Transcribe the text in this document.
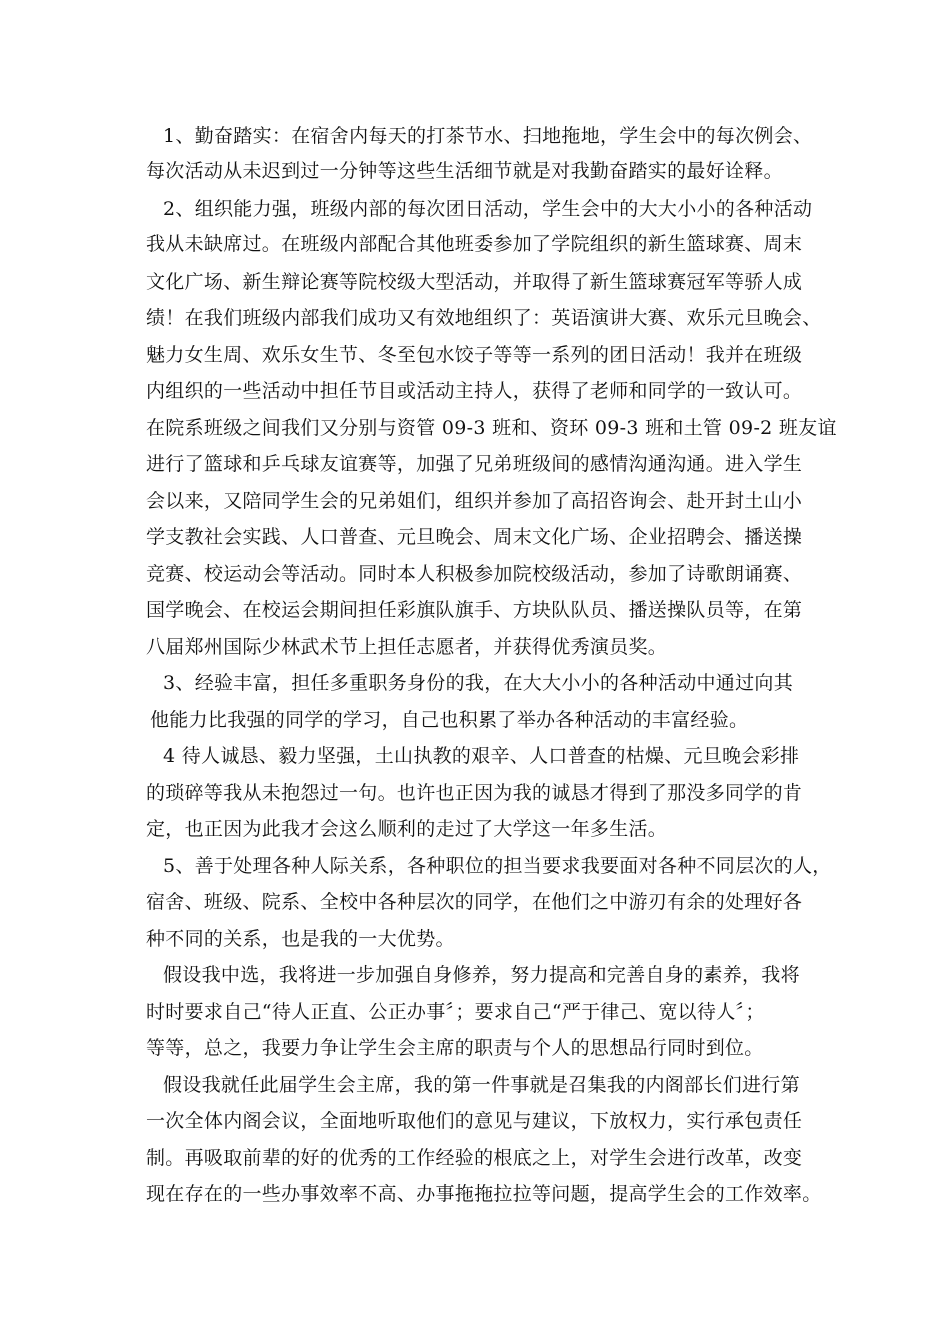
1、勤奋踏实：在宿舍内每天的打茶节水、扫地拖地，学生会中的每次例会、
每次活动从未迟到过一分钟等这些生活细节就是对我勤奋踏实的最好诠释。
2、组织能力强，班级内部的每次团日活动，学生会中的大大小小的各种活动
我从未缺席过。在班级内部配合其他班委参加了学院组织的新生篮球赛、周末
文化广场、新生辩论赛等院校级大型活动，并取得了新生篮球赛冠军等骄人成
绩！在我们班级内部我们成功又有效地组织了：英语演讲大赛、欢乐元旦晚会、
魅力女生周、欢乐女生节、冬至包水饺子等等一系列的团日活动！我并在班级
内组织的一些活动中担任节目或活动主持人，获得了老师和同学的一致认可。
在院系班级之间我们又分别与资管 09-3 班和、资环 09-3 班和土管 09-2 班友谊
进行了篮球和乒乓球友谊赛等，加强了兄弟班级间的感情沟通沟通。进入学生
会以来，又陪同学生会的兄弟姐们，组织并参加了高招咨询会、赴开封土山小
学支教社会实践、人口普查、元旦晚会、周末文化广场、企业招聘会、播送操
竞赛、校运动会等活动。同时本人积极参加院校级活动，参加了诗歌朗诵赛、
国学晚会、在校运会期间担任彩旗队旗手、方块队队员、播送操队员等，在第
八届郑州国际少林武术节上担任志愿者，并获得优秀演员奖。
3、经验丰富，担任多重职务身份的我，在大大小小的各种活动中通过向其
他能力比我强的同学的学习，自己也积累了举办各种活动的丰富经验。
4 待人诚恳、毅力坚强，土山执教的艰辛、人口普查的枯燥、元旦晚会彩排
的琐碎等我从未抱怨过一句。也许也正因为我的诚恳才得到了那没多同学的肯
定，也正因为此我才会这么顺利的走过了大学这一年多生活。
5、善于处理各种人际关系，各种职位的担当要求我要面对各种不同层次的人，
宿舍、班级、院系、全校中各种层次的同学，在他们之中游刃有余的处理好各
种不同的关系，也是我的一大优势。
假设我中选，我将进一步加强自身修养，努力提高和完善自身的素养，我将
时时要求自己“待人正直、公正办事〞；要求自己“严于律己、宽以待人〞；
等等，总之，我要力争让学生会主席的职责与个人的思想品行同时到位。
假设我就任此届学生会主席，我的第一件事就是召集我的内阁部长们进行第
一次全体内阁会议，全面地听取他们的意见与建议，下放权力，实行承包责任
制。再吸取前辈的好的优秀的工作经验的根底之上，对学生会进行改革，改变
现在存在的一些办事效率不高、办事拖拖拉拉等问题，提高学生会的工作效率。
